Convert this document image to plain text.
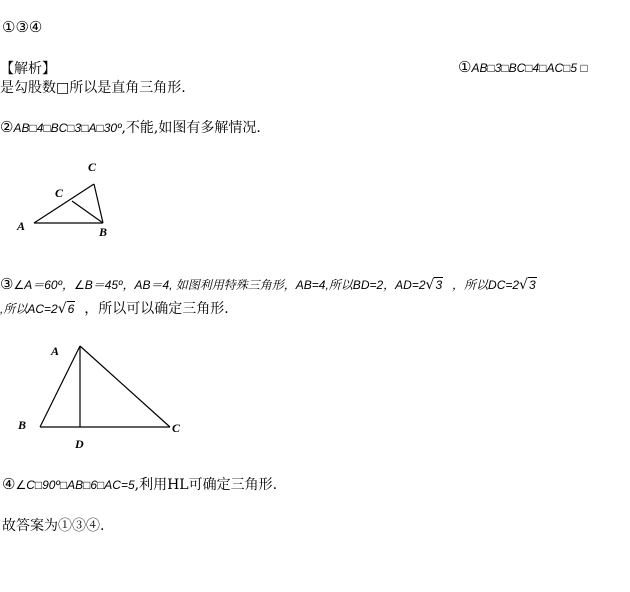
①③④
【解析】	①AB□3□BC□4□AC□5 □
是勾股数□所以是直角三角形.
②AB□4□BC□3□A□30º,不能,如图有多解情况.
C
C
A	B
③∠A＝60º，∠B＝45º，AB＝4, 如图利用特殊三角形，AB=4,所以BD=2，AD=2√3 ，所以DC=2√3
,所以AC=2√6 ，所以可以确定三角形.
A
B	C
D
④∠C□90º□AB□6□AC=5,利用HL可确定三角形.
故答案为①③④.
